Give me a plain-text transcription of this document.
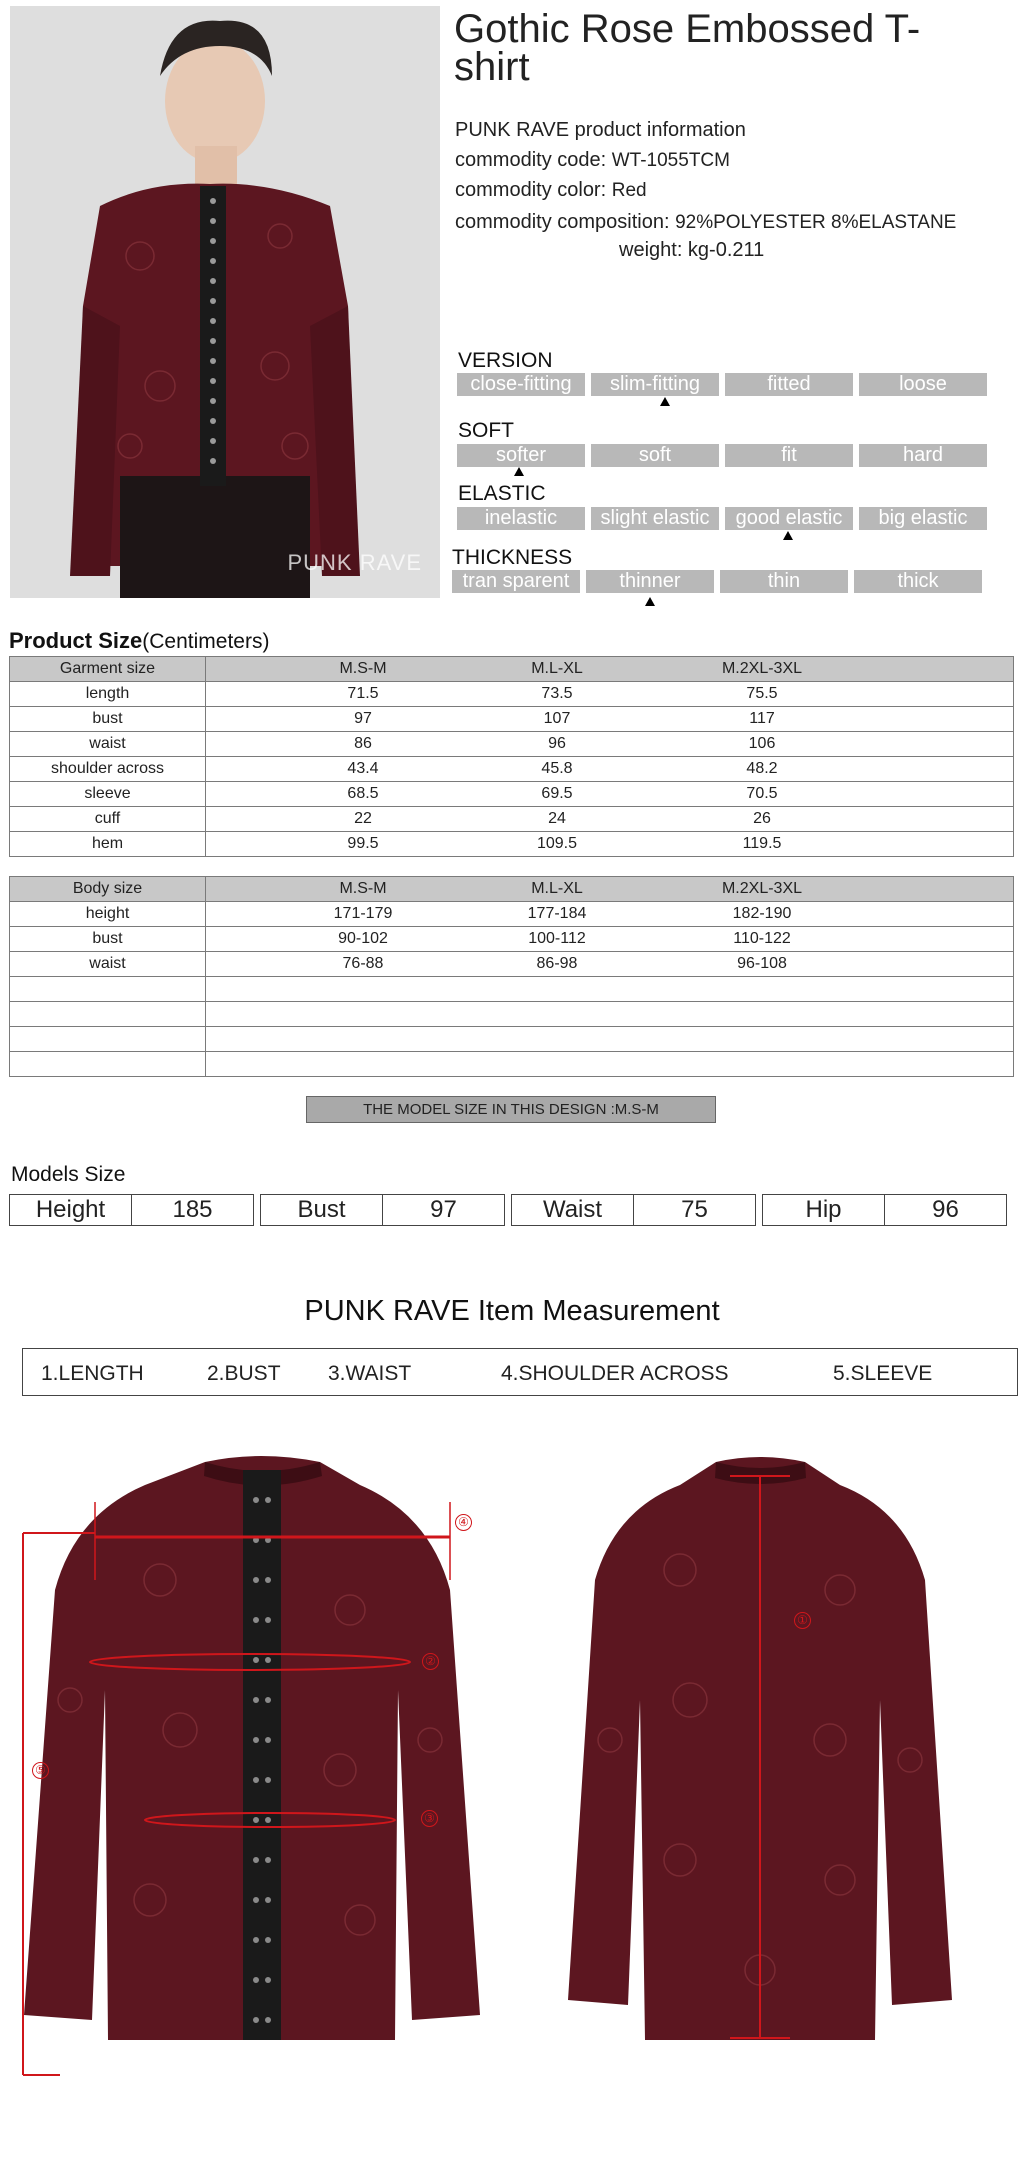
PUNK RAVE
Gothic Rose Embossed T-shirt
PUNK RAVE product information
commodity code: WT-1055TCM
commodity color: Red
commodity composition: 92%POLYESTER 8%ELASTANE
weight: kg-0.211
VERSION
close-fitting	slim-fitting	fitted	loose
SOFT
softer	soft	fit	hard
ELASTIC
inelastic	slight elastic	good elastic	big elastic
THICKNESS
tran sparent	thinner	thin	thick
Product Size(Centimeters)
Garment size	M.S-M M.L-XL M.2XL-3XL

length	71.5 73.5 75.5

bust	97 107 117

waist	86 96 106

shoulder across	43.4 45.8 48.2

sleeve	68.5 69.5 70.5

cuff	22 24 26

hem	99.5 109.5 119.5
Body size	M.S-M M.L-XL M.2XL-3XL

height	171-179 177-184 182-190

bust	90-102 100-112 110-122

waist	76-88 86-98 96-108

THE MODEL SIZE IN THIS DESIGN :M.S-M
Models Size
Height	185	Bust	97	Waist	75	Hip	96
PUNK RAVE Item Measurement
1.LENGTH	2.BUST 3.WAIST	4.SHOULDER ACROSS	5.SLEEVE
④
②
③
⑤
①
